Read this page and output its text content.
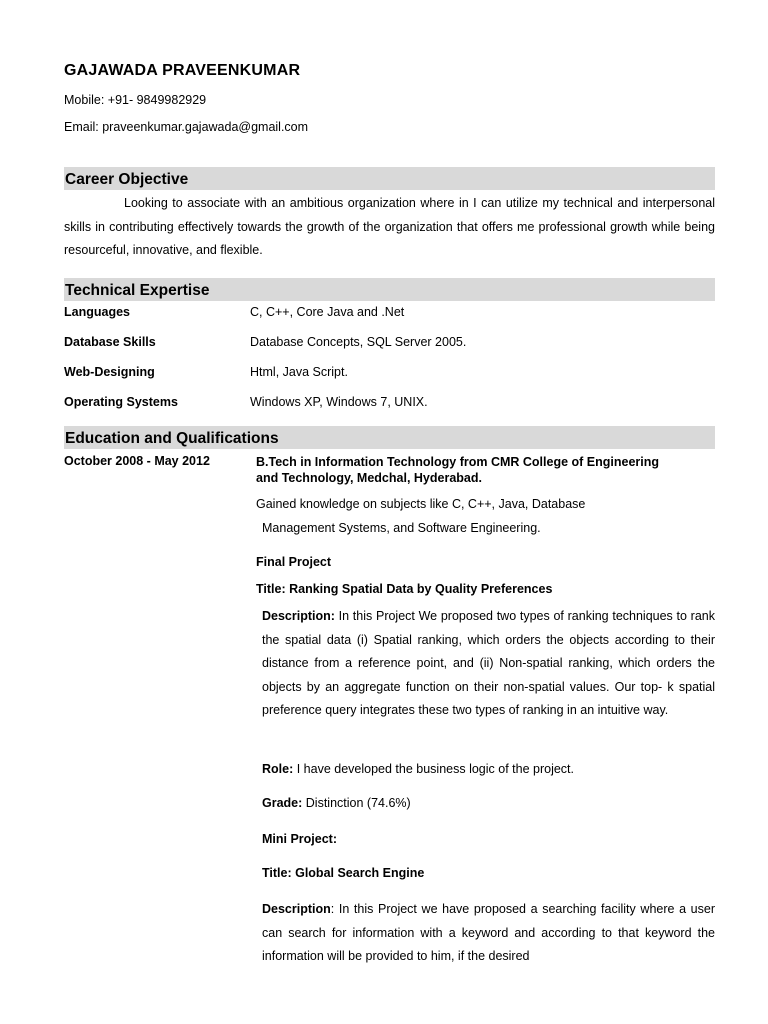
GAJAWADA PRAVEENKUMAR
Mobile: +91- 9849982929
Email: praveenkumar.gajawada@gmail.com
Career Objective
Looking to associate with an ambitious organization where in I can utilize my technical and interpersonal skills in contributing effectively towards the growth of the organization that offers me professional growth while being resourceful, innovative, and flexible.
Technical Expertise
Languages	C, C++, Core Java and .Net
Database Skills	Database Concepts, SQL Server 2005.
Web-Designing	Html, Java Script.
Operating Systems	Windows XP, Windows 7, UNIX.
Education and Qualifications
October 2008 - May 2012	B.Tech in Information Technology from CMR College of Engineering and Technology, Medchal, Hyderabad.
Gained knowledge on subjects like C, C++, Java, Database
Management Systems, and Software Engineering.
Final Project
Title: Ranking Spatial Data by Quality Preferences
Description: In this Project We proposed two types of ranking techniques to rank the spatial data (i) Spatial ranking, which orders the objects according to their distance from a reference point, and (ii) Non-spatial ranking, which orders the objects by an aggregate function on their non-spatial values. Our top- k spatial preference query integrates these two types of ranking in an intuitive way.
Role: I have developed the business logic of the project.
Grade: Distinction (74.6%)
Mini Project:
Title: Global Search Engine
Description: In this Project we have proposed a searching facility where a user can search for information with a keyword and according to that keyword the information will be provided to him, if the desired
